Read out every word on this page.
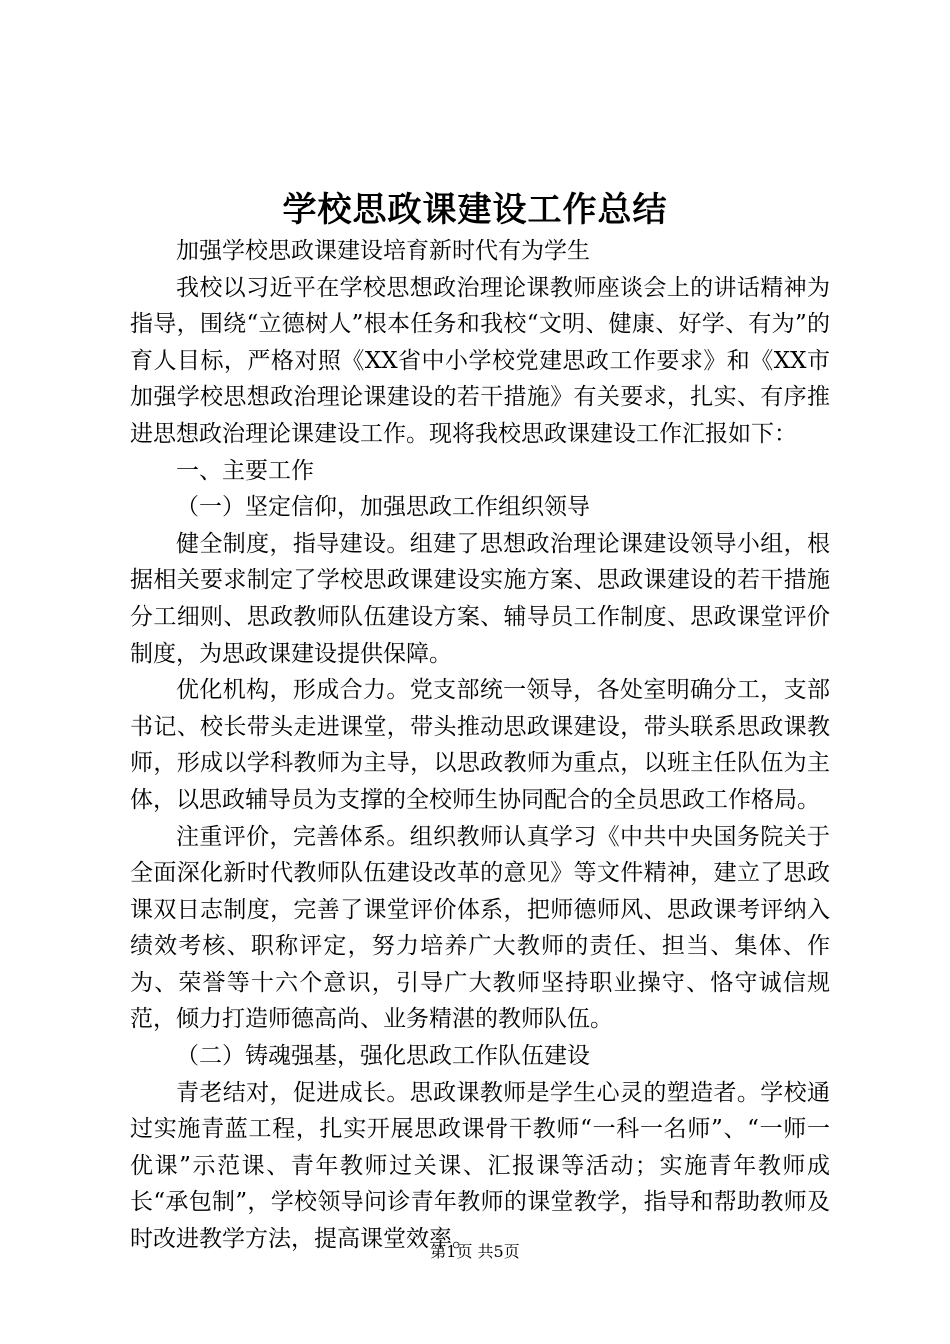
学校思政课建设工作总结

加强学校思政课建设培育新时代有为学生

我校以习近平在学校思想政治理论课教师座谈会上的讲话精神为指导，围绕“立德树人”根本任务和我校“文明、健康、好学、有为”的育人目标，严格对照《XX省中小学校党建思政工作要求》和《XX市加强学校思想政治理论课建设的若干措施》有关要求，扎实、有序推进思想政治理论课建设工作。现将我校思政课建设工作汇报如下：

一、主要工作

（一）坚定信仰，加强思政工作组织领导

健全制度，指导建设。组建了思想政治理论课建设领导小组，根据相关要求制定了学校思政课建设实施方案、思政课建设的若干措施分工细则、思政教师队伍建设方案、辅导员工作制度、思政课堂评价制度，为思政课建设提供保障。

优化机构，形成合力。党支部统一领导，各处室明确分工，支部书记、校长带头走进课堂，带头推动思政课建设，带头联系思政课教师，形成以学科教师为主导，以思政教师为重点，以班主任队伍为主体，以思政辅导员为支撑的全校师生协同配合的全员思政工作格局。

注重评价，完善体系。组织教师认真学习《中共中央国务院关于全面深化新时代教师队伍建设改革的意见》等文件精神，建立了思政课双日志制度，完善了课堂评价体系，把师德师风、思政课考评纳入绩效考核、职称评定，努力培养广大教师的责任、担当、集体、作为、荣誉等十六个意识，引导广大教师坚持职业操守、恪守诚信规范，倾力打造师德高尚、业务精湛的教师队伍。

（二）铸魂强基，强化思政工作队伍建设

青老结对，促进成长。思政课教师是学生心灵的塑造者。学校通过实施青蓝工程，扎实开展思政课骨干教师“一科一名师”、“一师一优课”示范课、青年教师过关课、汇报课等活动；实施青年教师成长“承包制”，学校领导问诊青年教师的课堂教学，指导和帮助教师及时改进教学方法，提高课堂效率。

第1页 共5页
